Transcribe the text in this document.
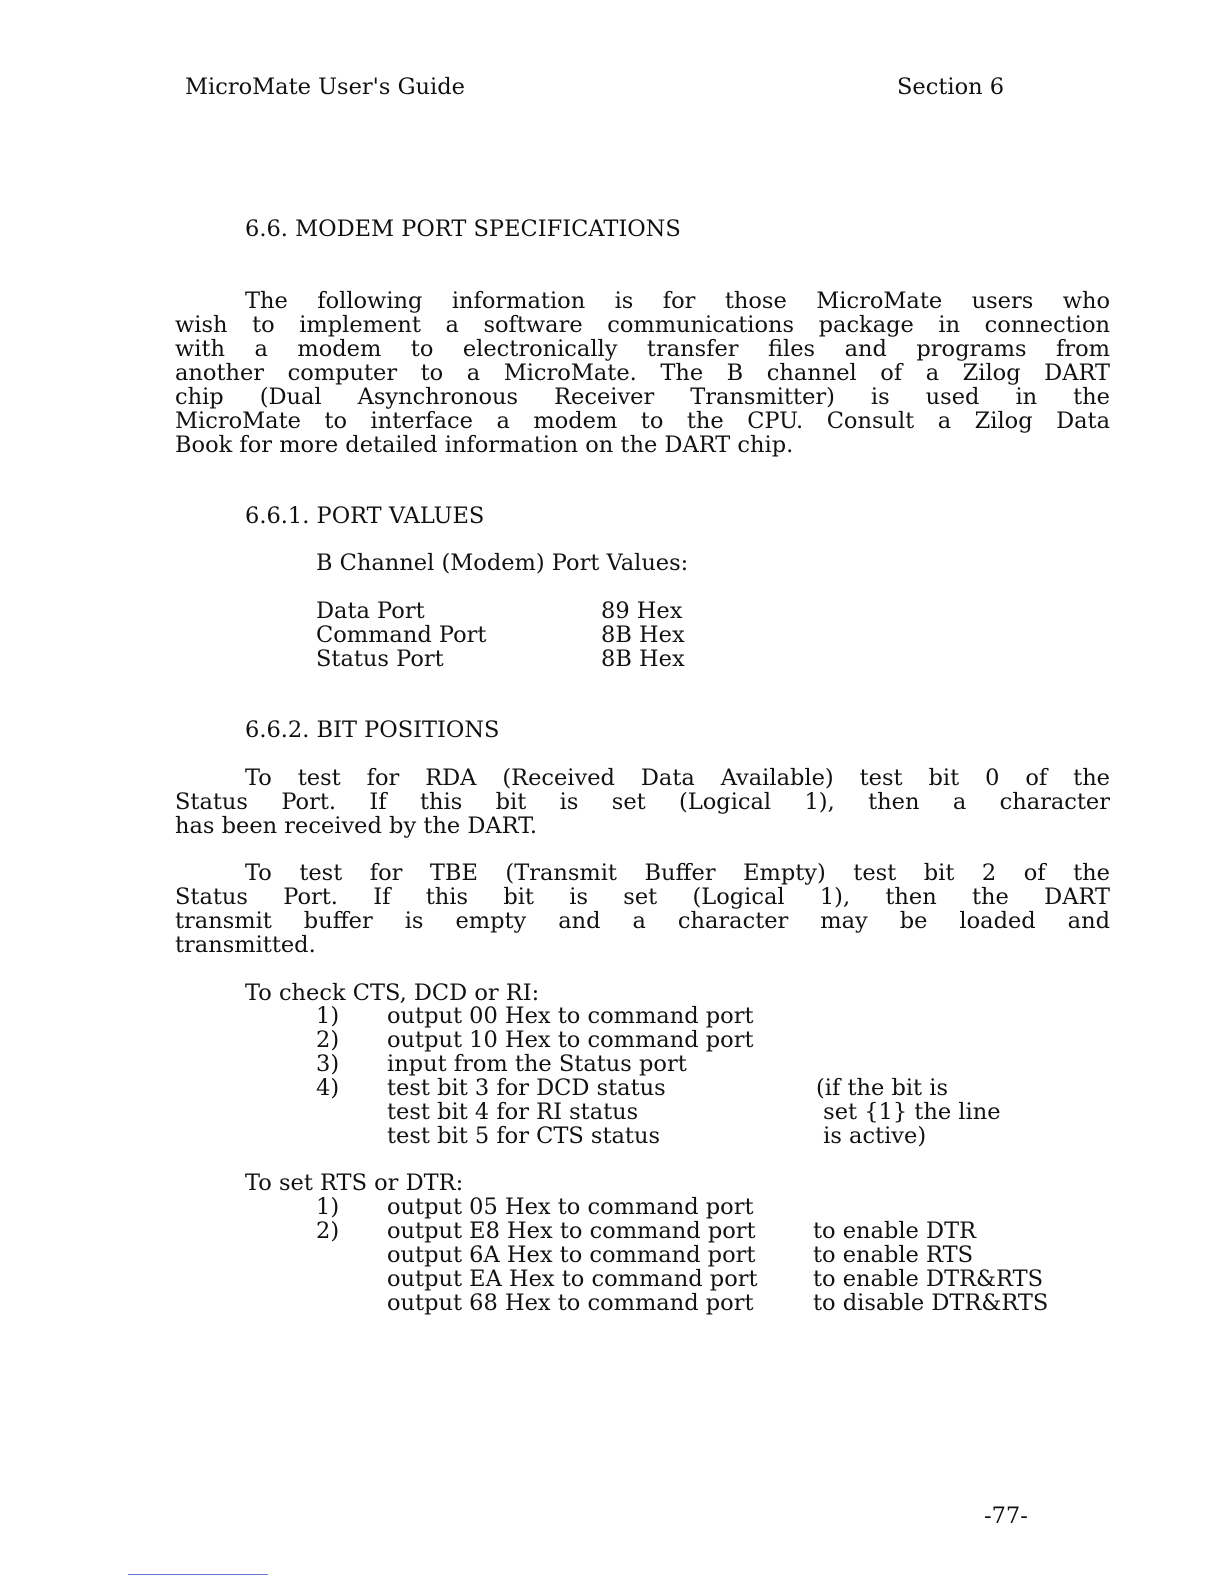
MicroMate User's Guide	Section 6
6.6. MODEM PORT SPECIFICATIONS
The following information is for those MicroMate users who
wish to implement a software communications package in connection
with a modem to electronically transfer files and programs from
another computer to a MicroMate. The B channel of a Zilog DART
chip (Dual Asynchronous Receiver Transmitter) is used in the
MicroMate to interface a modem to the CPU. Consult a Zilog Data
Book for more detailed information on the DART chip.
6.6.1. PORT VALUES
B Channel (Modem) Port Values:
Data Port	89 Hex
Command Port	8B Hex
Status Port	8B Hex
6.6.2. BIT POSITIONS
To test for RDA (Received Data Available) test bit 0 of the
Status Port. If this bit is set (Logical 1), then a character
has been received by the DART.
To test for TBE (Transmit Buffer Empty) test bit 2 of the
Status Port. If this bit is set (Logical 1), then the DART
transmit buffer is empty and a character may be loaded and
transmitted.
To check CTS, DCD or RI:
1) output 00 Hex to command port
2) output 10 Hex to command port
3) input from the Status port
4) test bit 3 for DCD status	(if the bit is
test bit 4 for RI status	set {1} the line
test bit 5 for CTS status	is active)
To set RTS or DTR:
1) output 05 Hex to command port
2) output E8 Hex to command port	to enable DTR
output 6A Hex to command port	to enable RTS
output EA Hex to command port to enable DTR&RTS
output 68 Hex to command port	to disable DTR&RTS
-77-
